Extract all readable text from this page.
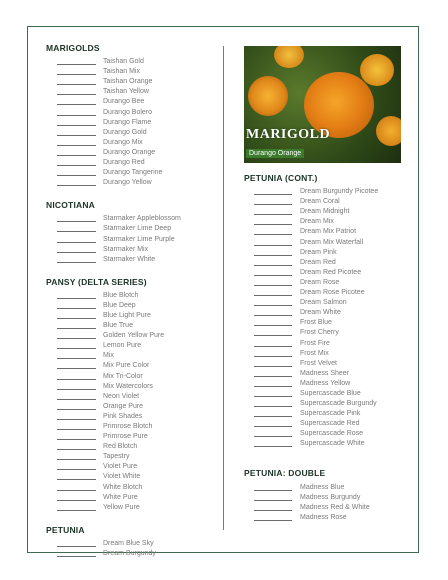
MARIGOLD
Durango Orange
MARIGOLDS
Taishan Gold
Taishan Mix
Taishan Orange
Taishan Yellow
Durango Bee
Durango Bolero
Durango Flame
Durango Gold
Durango Mix
Durango Orange
Durango Red
Durango Tangerine
Durango Yellow
NICOTIANA
Starmaker Appleblossom
Starmaker Lime Deep
Starmaker Lime Purple
Starmaker Mix
Starmaker White
PANSY (DELTA SERIES)
Blue Blotch
Blue Deep
Blue Light Pure
Blue True
Golden Yellow Pure
Lemon Pure
Mix
Mix Pure Color
Mix Tri-Color
Mix Watercolors
Neon Violet
Orange Pure
Pink Shades
Primrose Blotch
Primrose Pure
Red Blotch
Tapestry
Violet Pure
Violet White
White Blotch
White Pure
Yellow Pure
PETUNIA
Dream Blue Sky
Dream Burgundy
PETUNIA (CONT.)
Dream Burgundy Picotee
Dream Coral
Dream Midnight
Dream Mix
Dream Mix Patriot
Dream Mix Waterfall
Dream Pink
Dream Red
Dream Red Picotee
Dream Rose
Dream Rose Picotee
Dream Salmon
Dream White
Frost Blue
Frost Cherry
Frost Fire
Frost Mix
Frost Velvet
Madness Sheer
Madness Yellow
Supercascade Blue
Supercascade Burgundy
Supercascade Pink
Supercascade Red
Supercascade Rose
Supercascade White
PETUNIA: DOUBLE
Madness Blue
Madness Burgundy
Madness Red & White
Madness Rose
